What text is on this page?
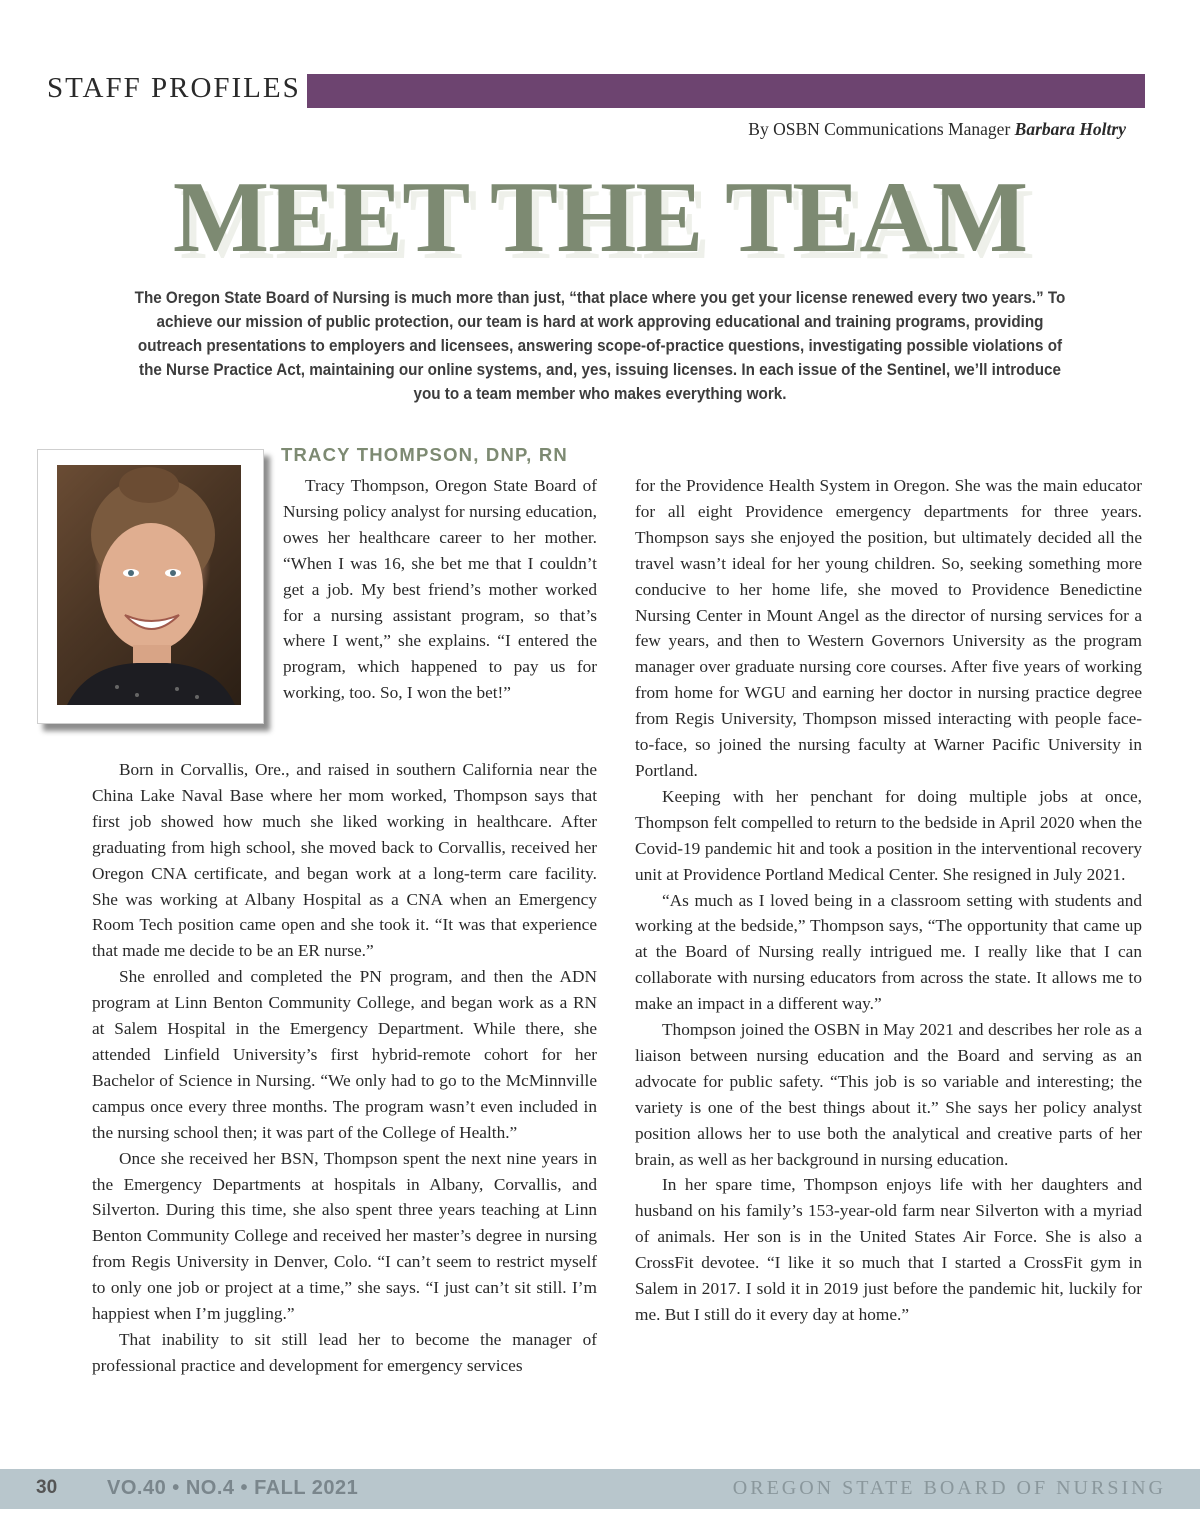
STAFF PROFILES
By OSBN Communications Manager Barbara Holtry
MEET THE TEAM
The Oregon State Board of Nursing is much more than just, “that place where you get your license renewed every two years.” To achieve our mission of public protection, our team is hard at work approving educational and training programs, providing outreach presentations to employers and licensees, answering scope-of-practice questions, investigating possible violations of the Nurse Practice Act, maintaining our online systems, and, yes, issuing licenses. In each issue of the Sentinel, we’ll introduce you to a team member who makes everything work.
TRACY THOMPSON, DNP, RN

Tracy Thompson, Oregon State Board of Nursing policy analyst for nursing education, owes her healthcare career to her mother. “When I was 16, she bet me that I couldn’t get a job. My best friend’s mother worked for a nursing assistant program, so that’s where I went,” she explains. “I entered the program, which happened to pay us for working, too. So, I won the bet!”

Born in Corvallis, Ore., and raised in southern California near the China Lake Naval Base where her mom worked, Thompson says that first job showed how much she liked working in healthcare. After graduating from high school, she moved back to Corvallis, received her Oregon CNA certificate, and began work at a long-term care facility. She was working at Albany Hospital as a CNA when an Emergency Room Tech position came open and she took it. “It was that experience that made me decide to be an ER nurse.”

She enrolled and completed the PN program, and then the ADN program at Linn Benton Community College, and began work as a RN at Salem Hospital in the Emergency Department. While there, she attended Linfield University’s first hybrid-remote cohort for her Bachelor of Science in Nursing. “We only had to go to the McMinnville campus once every three months. The program wasn’t even included in the nursing school then; it was part of the College of Health.”

Once she received her BSN, Thompson spent the next nine years in the Emergency Departments at hospitals in Albany, Corvallis, and Silverton. During this time, she also spent three years teaching at Linn Benton Community College and received her master’s degree in nursing from Regis University in Denver, Colo. “I can’t seem to restrict myself to only one job or project at a time,” she says. “I just can’t sit still. I’m happiest when I’m juggling.”

That inability to sit still lead her to become the manager of professional practice and development for emergency services

for the Providence Health System in Oregon. She was the main educator for all eight Providence emergency departments for three years. Thompson says she enjoyed the position, but ultimately decided all the travel wasn’t ideal for her young children. So, seeking something more conducive to her home life, she moved to Providence Benedictine Nursing Center in Mount Angel as the director of nursing services for a few years, and then to Western Governors University as the program manager over graduate nursing core courses. After five years of working from home for WGU and earning her doctor in nursing practice degree from Regis University, Thompson missed interacting with people face-to-face, so joined the nursing faculty at Warner Pacific University in Portland.

Keeping with her penchant for doing multiple jobs at once, Thompson felt compelled to return to the bedside in April 2020 when the Covid-19 pandemic hit and took a position in the interventional recovery unit at Providence Portland Medical Center. She resigned in July 2021.

“As much as I loved being in a classroom setting with students and working at the bedside,” Thompson says, “The opportunity that came up at the Board of Nursing really intrigued me. I really like that I can collaborate with nursing educators from across the state. It allows me to make an impact in a different way.”

Thompson joined the OSBN in May 2021 and describes her role as a liaison between nursing education and the Board and serving as an advocate for public safety. “This job is so variable and interesting; the variety is one of the best things about it.” She says her policy analyst position allows her to use both the analytical and creative parts of her brain, as well as her background in nursing education.

In her spare time, Thompson enjoys life with her daughters and husband on his family’s 153-year-old farm near Silverton with a myriad of animals. Her son is in the United States Air Force. She is also a CrossFit devotee. “I like it so much that I started a CrossFit gym in Salem in 2017. I sold it in 2019 just before the pandemic hit, luckily for me. But I still do it every day at home.”

30 VO.40 • NO.4 • FALL 2021	OREGON STATE BOARD OF NURSING
